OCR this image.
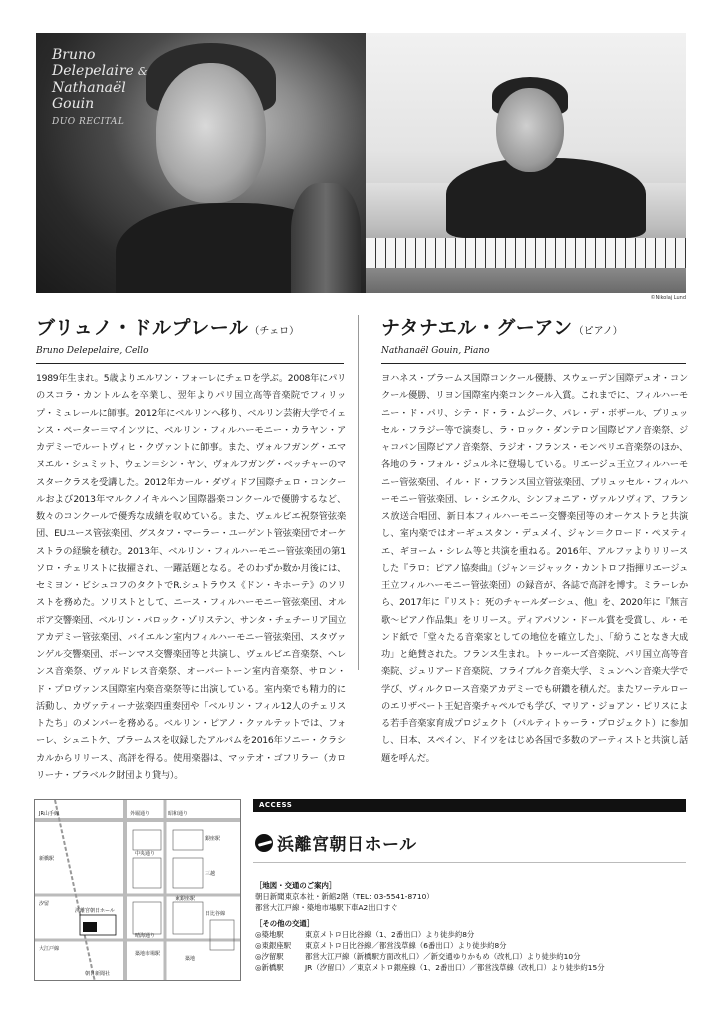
Bruno
Delepelaire &
Nathanaël
Gouin
DUO RECITAL
©Nikolaj Lund
ブリュノ・ドルプレール（チェロ）
Bruno Delepelaire, Cello
ナタナエル・グーアン（ピアノ）
Nathanaël Gouin, Piano

1989年生まれ。5歳よりエルワン・フォーレにチェロを学ぶ。2008年にパリのスコラ・カントルムを卒業し、翌年よりパリ国立高等音楽院でフィリップ・ミュレールに師事。2012年にベルリンへ移り、ベルリン芸術大学でイェンス・ペーター＝マインツに、ベルリン・フィルハーモニー・カラヤン・アカデミーでルートヴィヒ・クヴァントに師事。また、ヴォルフガング・エマヌエル・シュミット、ウェン＝シン・ヤン、ヴォルフガング・ベッチャーのマスタークラスを受講した。2012年カール・ダヴィドフ国際チェロ・コンクールおよび2013年マルクノイキルヘン国際器楽コンクールで優勝するなど、数々のコンクールで優秀な成績を収めている。また、ヴェルビエ祝祭管弦楽団、EUユース管弦楽団、グスタフ・マーラー・ユーゲント管弦楽団でオーケストラの経験を積む。2013年、ベルリン・フィルハーモニー管弦楽団の第1ソロ・チェリストに抜擢され、一躍話題となる。そのわずか数か月後には、セミヨン・ビシュコフのタクトでR.シュトラウス《ドン・キホーテ》のソリストを務めた。ソリストとして、ニース・フィルハーモニー管弦楽団、オルポア交響楽団、ベルリン・バロック・ゾリステン、サンタ・チェチーリア国立アカデミー管弦楽団、バイエルン室内フィルハーモニー管弦楽団、スタヴァンゲル交響楽団、ボーンマス交響楽団等と共演し、ヴェルビエ音楽祭、ヘレンス音楽祭、ヴァルドレス音楽祭、オーバートーン室内音楽祭、サロン・ド・プロヴァンス国際室内楽音楽祭等に出演している。室内楽でも精力的に活動し、カヴァティーナ弦楽四重奏団や「ベルリン・フィル12人のチェリストたち」のメンバーを務める。ベルリン・ピアノ・クァルテットでは、フォーレ、シュニトケ、ブラームスを収録したアルバムを2016年ソニー・クラシカルからリリース、高評を得る。使用楽器は、マッテオ・ゴフリラー（カロリーナ・ブラベルク財団より貸与）。

ヨハネス・ブラームス国際コンクール優勝、スウェーデン国際デュオ・コンクール優勝、リヨン国際室内楽コンクール入賞。これまでに、フィルハーモニー・ド・パリ、シテ・ド・ラ・ムジーク、パレ・デ・ボザール、ブリュッセル・フラジー等で演奏し、ラ・ロック・ダンテロン国際ピアノ音楽祭、ジャコバン国際ピアノ音楽祭、ラジオ・フランス・モンペリエ音楽祭のほか、各地のラ・フォル・ジュルネに登場している。リエージュ王立フィルハーモニー管弦楽団、イル・ド・フランス国立管弦楽団、ブリュッセル・フィルハーモニー管弦楽団、レ・シエクル、シンフォニア・ヴァルソヴィア、フランス放送合唱団、新日本フィルハーモニー交響楽団等のオーケストラと共演し、室内楽ではオーギュスタン・デュメイ、ジャン＝クロード・ペヌティエ、ギヨーム・シレム等と共演を重ねる。2016年、アルファよりリリースした『ラロ：ピアノ協奏曲』（ジャン＝ジャック・カントロフ指揮リエージュ王立フィルハーモニー管弦楽団）の録音が、各誌で高評を博す。ミラーレから、2017年に『リスト：死のチャールダーシュ、他』を、2020年に『無言歌〜ピアノ作品集』をリリース。ディアパソン・ドール賞を受賞し、ル・モンド紙で「堂々たる音楽家としての地位を確立した」、「紛うことなき大成功」と絶賛された。フランス生まれ。トゥールーズ音楽院、パリ国立高等音楽院、ジュリアード音楽院、フライブルク音楽大学、ミュンヘン音楽大学で学び、ヴィルクロース音楽アカデミーでも研鑽を積んだ。またワーテルローのエリザベート王妃音楽チャペルでも学び、マリア・ジョアン・ピリスによる若手音楽家育成プロジェクト（パルティトゥーラ・プロジェクト）に参加し、日本、スペイン、ドイツをはじめ各国で多数のアーティストと共演し話題を呼んだ。

JR山手線	外堀通り	昭和通り
銀座駅
中央通り
三越
新橋駅
汐留
築地
東銀座駅
浜離宮朝日ホール
朝日新聞社
築地市場駅
晴海通り
大江戸線
日比谷線
ACCESS
浜離宮朝日ホール
［地図・交通のご案内］
朝日新聞東京本社・新館2階（TEL: 03-5541-8710）
都営大江戸線・築地市場駅下車A2出口すぐ
［その他の交通］
◎築地駅	東京メトロ日比谷線（1、2番出口）より徒歩約8分
◎東銀座駅	東京メトロ日比谷線／都営浅草線（6番出口）より徒歩約8分
◎汐留駅	都営大江戸線（新橋駅方面改札口）／新交通ゆりかもめ（改札口）より徒歩約10分
◎新橋駅	JR（汐留口）／東京メトロ銀座線（1、2番出口）／都営浅草線（改札口）より徒歩約15分
